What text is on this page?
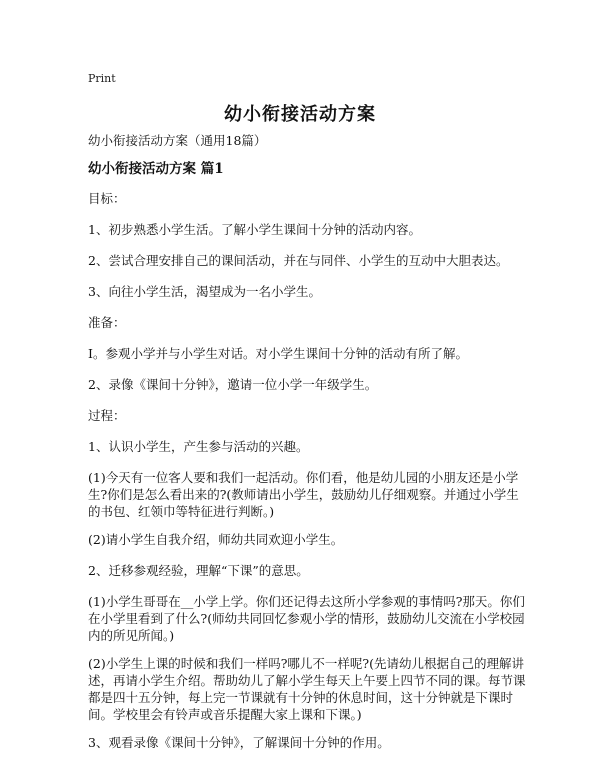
Print
幼小衔接活动方案

幼小衔接活动方案（通用18篇）

幼小衔接活动方案 篇1

目标：

1、初步熟悉小学生活。了解小学生课间十分钟的活动内容。

2、尝试合理安排自己的课间活动，并在与同伴、小学生的互动中大胆表达。

3、向往小学生活，渴望成为一名小学生。

准备：

I。参观小学并与小学生对话。对小学生课间十分钟的活动有所了解。

2、录像《课间十分钟》，邀请一位小学一年级学生。

过程：

1、认识小学生，产生参与活动的兴趣。

(1)今天有一位客人要和我们一起活动。你们看，他是幼儿园的小朋友还是小学生?你们是怎么看出来的?(教师请出小学生，鼓励幼儿仔细观察。并通过小学生的书包、红领巾等特征进行判断。)

(2)请小学生自我介绍，师幼共同欢迎小学生。

2、迁移参观经验，理解“下课”的意思。

(1)小学生哥哥在__小学上学。你们还记得去这所小学参观的事情吗?那天。你们在小学里看到了什么?(师幼共同回忆参观小学的情形，鼓励幼儿交流在小学校园内的所见所闻。)

(2)小学生上课的时候和我们一样吗?哪儿不一样呢?(先请幼儿根据自己的理解讲述，再请小学生介绍。帮助幼儿了解小学生每天上午要上四节不同的课。每节课都是四十五分钟，每上完一节课就有十分钟的休息时间，这十分钟就是下课时间。学校里会有铃声或音乐提醒大家上课和下课。)

3、观看录像《课间十分钟》，了解课间十分钟的作用。
